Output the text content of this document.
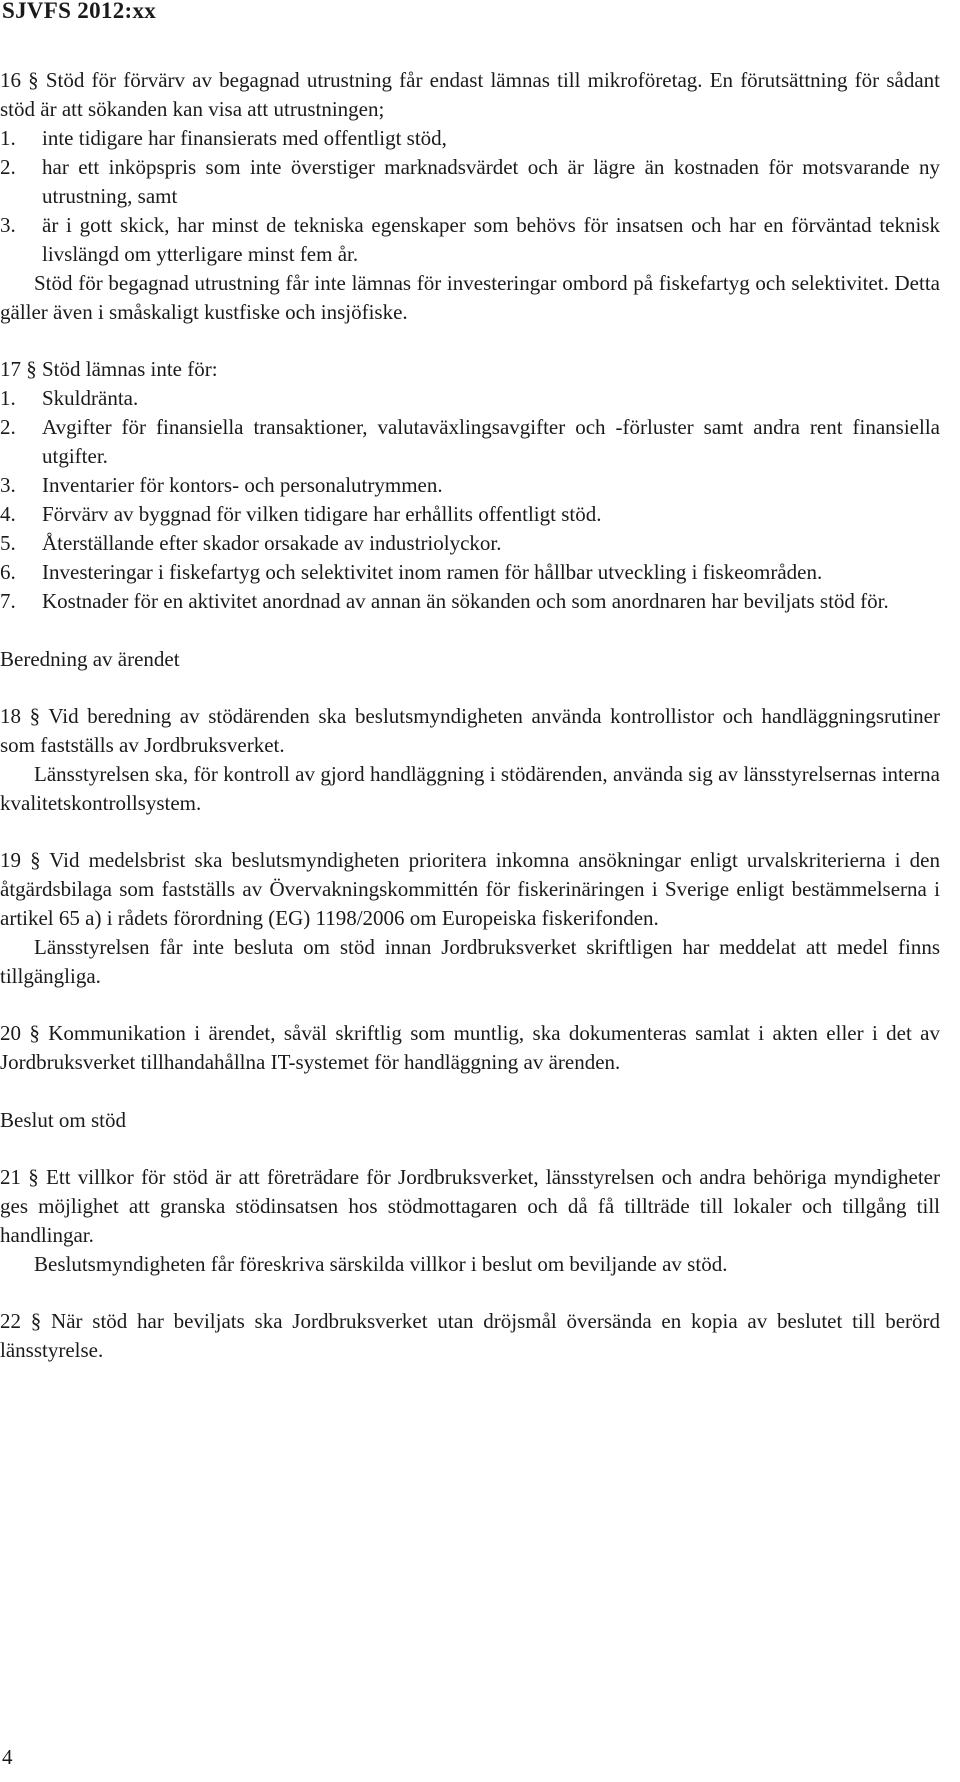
SJVFS 2012:xx

16 § Stöd för förvärv av begagnad utrustning får endast lämnas till mikroföretag. En förutsättning för sådant stöd är att sökanden kan visa att utrustningen;

1. inte tidigare har finansierats med offentligt stöd,
2. har ett inköpspris som inte överstiger marknadsvärdet och är lägre än kostnaden för motsvarande ny utrustning, samt
3. är i gott skick, har minst de tekniska egenskaper som behövs för insatsen och har en förväntad teknisk livslängd om ytterligare minst fem år.

Stöd för begagnad utrustning får inte lämnas för investeringar ombord på fiskefartyg och selektivitet. Detta gäller även i småskaligt kustfiske och insjöfiske.

17 § Stöd lämnas inte för:

1. Skuldränta.
2. Avgifter för finansiella transaktioner, valutaväxlingsavgifter och -förluster samt andra rent finansiella utgifter.
3. Inventarier för kontors- och personalutrymmen.
4. Förvärv av byggnad för vilken tidigare har erhållits offentligt stöd.
5. Återställande efter skador orsakade av industriolyckor.
6. Investeringar i fiskefartyg och selektivitet inom ramen för hållbar utveckling i fiskeområden.
7. Kostnader för en aktivitet anordnad av annan än sökanden och som anordnaren har beviljats stöd för.

Beredning av ärendet

18 § Vid beredning av stödärenden ska beslutsmyndigheten använda kontrollistor och handläggningsrutiner som fastställs av Jordbruksverket.

Länsstyrelsen ska, för kontroll av gjord handläggning i stödärenden, använda sig av länsstyrelsernas interna kvalitetskontrollsystem.

19 § Vid medelsbrist ska beslutsmyndigheten prioritera inkomna ansökningar enligt urvalskriterierna i den åtgärdsbilaga som fastställs av Övervakningskommittén för fiskerinäringen i Sverige enligt bestämmelserna i artikel 65 a) i rådets förordning (EG) 1198/2006 om Europeiska fiskerifonden.

Länsstyrelsen får inte besluta om stöd innan Jordbruksverket skriftligen har meddelat att medel finns tillgängliga.

20 § Kommunikation i ärendet, såväl skriftlig som muntlig, ska dokumenteras samlat i akten eller i det av Jordbruksverket tillhandahållna IT-systemet för handläggning av ärenden.

Beslut om stöd

21 § Ett villkor för stöd är att företrädare för Jordbruksverket, länsstyrelsen och andra behöriga myndigheter ges möjlighet att granska stödinsatsen hos stödmottagaren och då få tillträde till lokaler och tillgång till handlingar.

Beslutsmyndigheten får föreskriva särskilda villkor i beslut om beviljande av stöd.

22 § När stöd har beviljats ska Jordbruksverket utan dröjsmål översända en kopia av beslutet till berörd länsstyrelse.

4
